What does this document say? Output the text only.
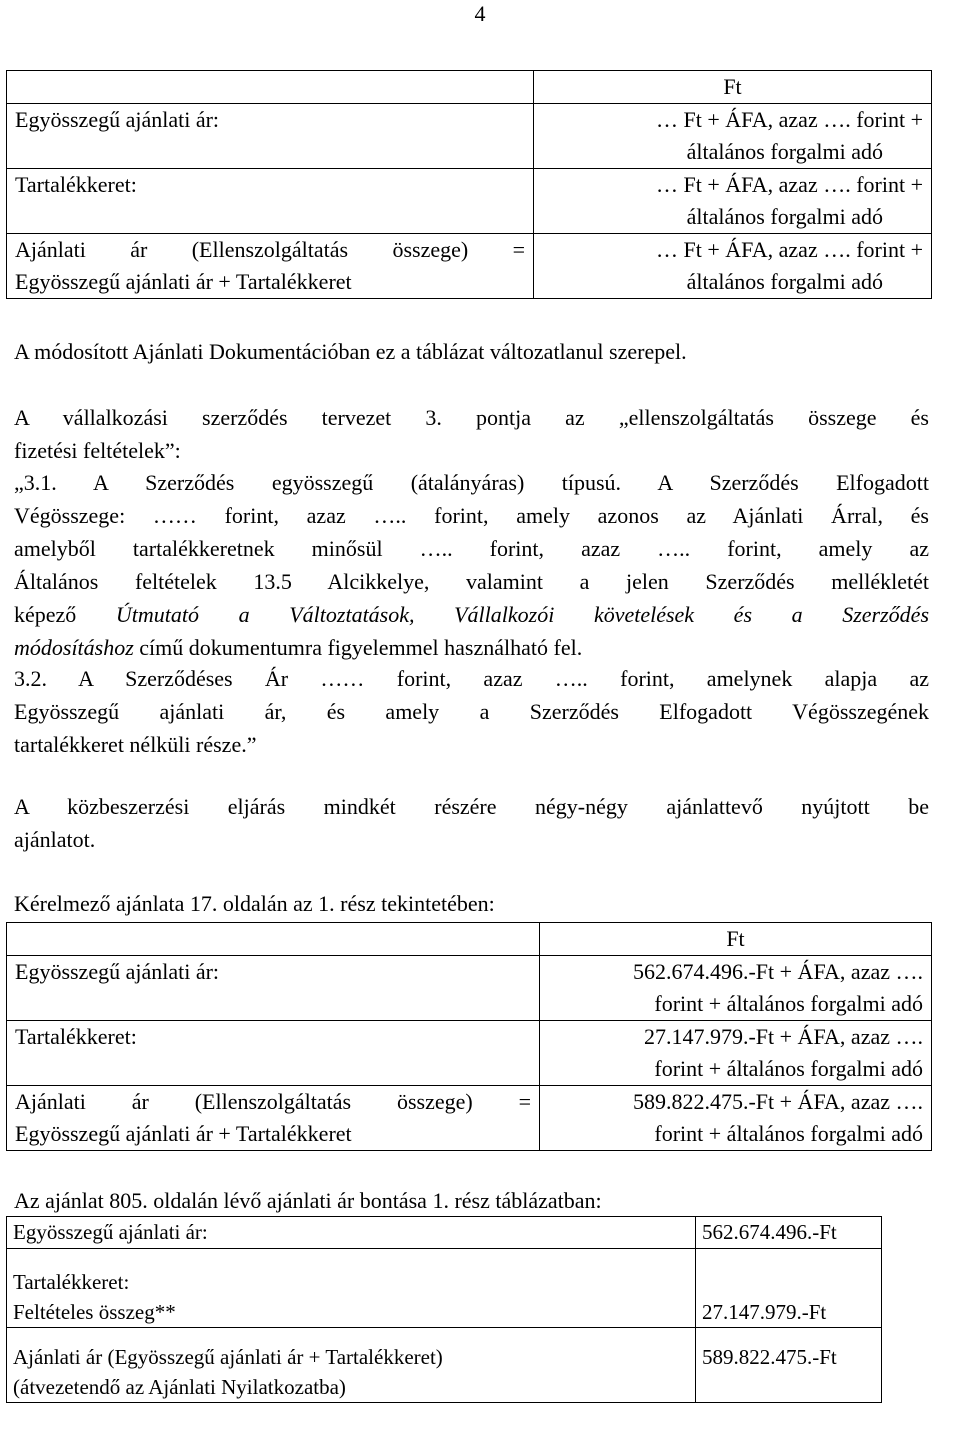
4
	Ft
Egyösszegű ajánlati ár:	… Ft + ÁFA, azaz …. forint +
általános forgalmi adó

Tartalékkeret:	… Ft + ÁFA, azaz …. forint +
általános forgalmi adó

Ajánlati ár (Ellenszolgáltatás összege) =
Egyösszegű ajánlati ár + Tartalékkeret	… Ft + ÁFA, azaz …. forint +
általános forgalmi adó
A módosított Ajánlati Dokumentációban ez a táblázat változatlanul szerepel.
A vállalkozási szerződés tervezet 3. pontja az „ellenszolgáltatás összege és
fizetési feltételek”:
„3.1. A Szerződés egyösszegű (átalányáras) típusú. A Szerződés Elfogadott
Végösszege: …… forint, azaz ….. forint, amely azonos az Ajánlati Árral, és
amelyből tartalékkeretnek minősül ….. forint, azaz ….. forint, amely az
Általános feltételek 13.5 Alcikkelye, valamint a jelen Szerződés mellékletét
képező Útmutató a Változtatások, Vállalkozói követelések és a Szerződés
módosításhoz című dokumentumra figyelemmel használható fel.
3.2. A Szerződéses Ár …… forint, azaz ….. forint, amelynek alapja az
Egyösszegű ajánlati ár, és amely a Szerződés Elfogadott Végösszegének
tartalékkeret nélküli része.”
A közbeszerzési eljárás mindkét részére négy-négy ajánlattevő nyújtott be
ajánlatot.
Kérelmező ajánlata 17. oldalán az 1. rész tekintetében:
	Ft
Egyösszegű ajánlati ár:	562.674.496.-Ft + ÁFA, azaz ….
forint + általános forgalmi adó

Tartalékkeret:	27.147.979.-Ft + ÁFA, azaz ….
forint + általános forgalmi adó

Ajánlati ár (Ellenszolgáltatás összege) =
Egyösszegű ajánlati ár + Tartalékkeret	589.822.475.-Ft + ÁFA, azaz ….
forint + általános forgalmi adó
Az ajánlat 805. oldalán lévő ajánlati ár bontása 1. rész táblázatban:
Egyösszegű ajánlati ár:	562.674.496.-Ft

Tartalékkeret:
Feltételes összeg**	27.147.979.-Ft

Ajánlati ár (Egyösszegű ajánlati ár + Tartalékkeret)
(átvezetendő az Ajánlati Nyilatkozatba)	589.822.475.-Ft
